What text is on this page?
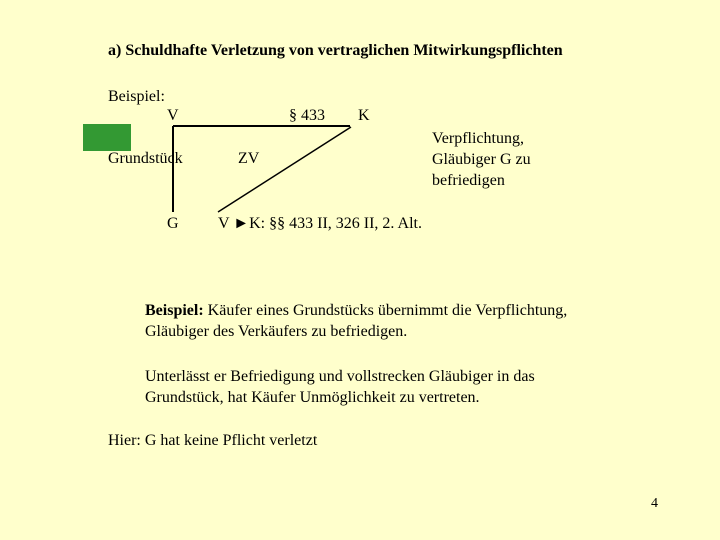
a) Schuldhafte Verletzung von vertraglichen Mitwirkungspflichten
Beispiel:
V	§ 433 K
Grundstück	ZV
Verpflichtung,
Gläubiger G zu
befriedigen
G V ►K: §§ 433 II, 326 II, 2. Alt.
Beispiel: Käufer eines Grundstücks übernimmt die Verpflichtung,
Gläubiger des Verkäufers zu befriedigen.
Unterlässt er Befriedigung und vollstrecken Gläubiger in das
Grundstück, hat Käufer Unmöglichkeit zu vertreten.
Hier: G hat keine Pflicht verletzt
4
